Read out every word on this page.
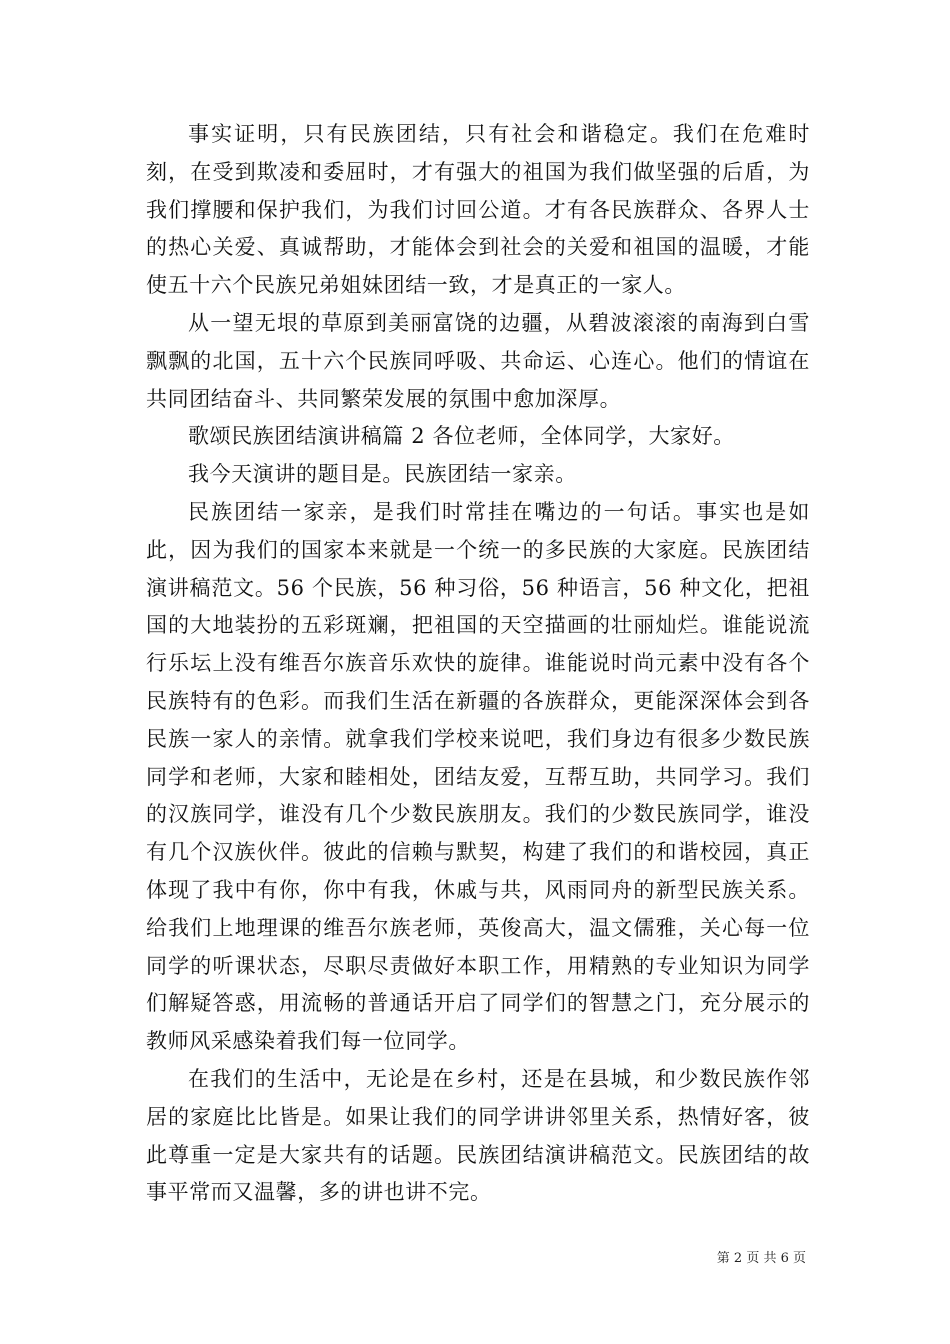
事实证明，只有民族团结，只有社会和谐稳定。我们在危难时刻，在受到欺凌和委屈时，才有强大的祖国为我们做坚强的后盾，为我们撑腰和保护我们，为我们讨回公道。才有各民族群众、各界人士的热心关爱、真诚帮助，才能体会到社会的关爱和祖国的温暖，才能使五十六个民族兄弟姐妹团结一致，才是真正的一家人。

从一望无垠的草原到美丽富饶的边疆，从碧波滚滚的南海到白雪飘飘的北国，五十六个民族同呼吸、共命运、心连心。他们的情谊在共同团结奋斗、共同繁荣发展的氛围中愈加深厚。

歌颂民族团结演讲稿篇 2 各位老师，全体同学，大家好。

我今天演讲的题目是。民族团结一家亲。

民族团结一家亲，是我们时常挂在嘴边的一句话。事实也是如此，因为我们的国家本来就是一个统一的多民族的大家庭。民族团结演讲稿范文。56 个民族，56 种习俗，56 种语言，56 种文化，把祖国的大地装扮的五彩斑斓，把祖国的天空描画的壮丽灿烂。谁能说流行乐坛上没有维吾尔族音乐欢快的旋律。谁能说时尚元素中没有各个民族特有的色彩。而我们生活在新疆的各族群众，更能深深体会到各民族一家人的亲情。就拿我们学校来说吧，我们身边有很多少数民族同学和老师，大家和睦相处，团结友爱，互帮互助，共同学习。我们的汉族同学，谁没有几个少数民族朋友。我们的少数民族同学，谁没有几个汉族伙伴。彼此的信赖与默契，构建了我们的和谐校园，真正体现了我中有你，你中有我，休戚与共，风雨同舟的新型民族关系。给我们上地理课的维吾尔族老师，英俊高大，温文儒雅，关心每一位同学的听课状态，尽职尽责做好本职工作，用精熟的专业知识为同学们解疑答惑，用流畅的普通话开启了同学们的智慧之门，充分展示的教师风采感染着我们每一位同学。

在我们的生活中，无论是在乡村，还是在县城，和少数民族作邻居的家庭比比皆是。如果让我们的同学讲讲邻里关系，热情好客，彼此尊重一定是大家共有的话题。民族团结演讲稿范文。民族团结的故事平常而又温馨，多的讲也讲不完。

第 2 页 共 6 页
